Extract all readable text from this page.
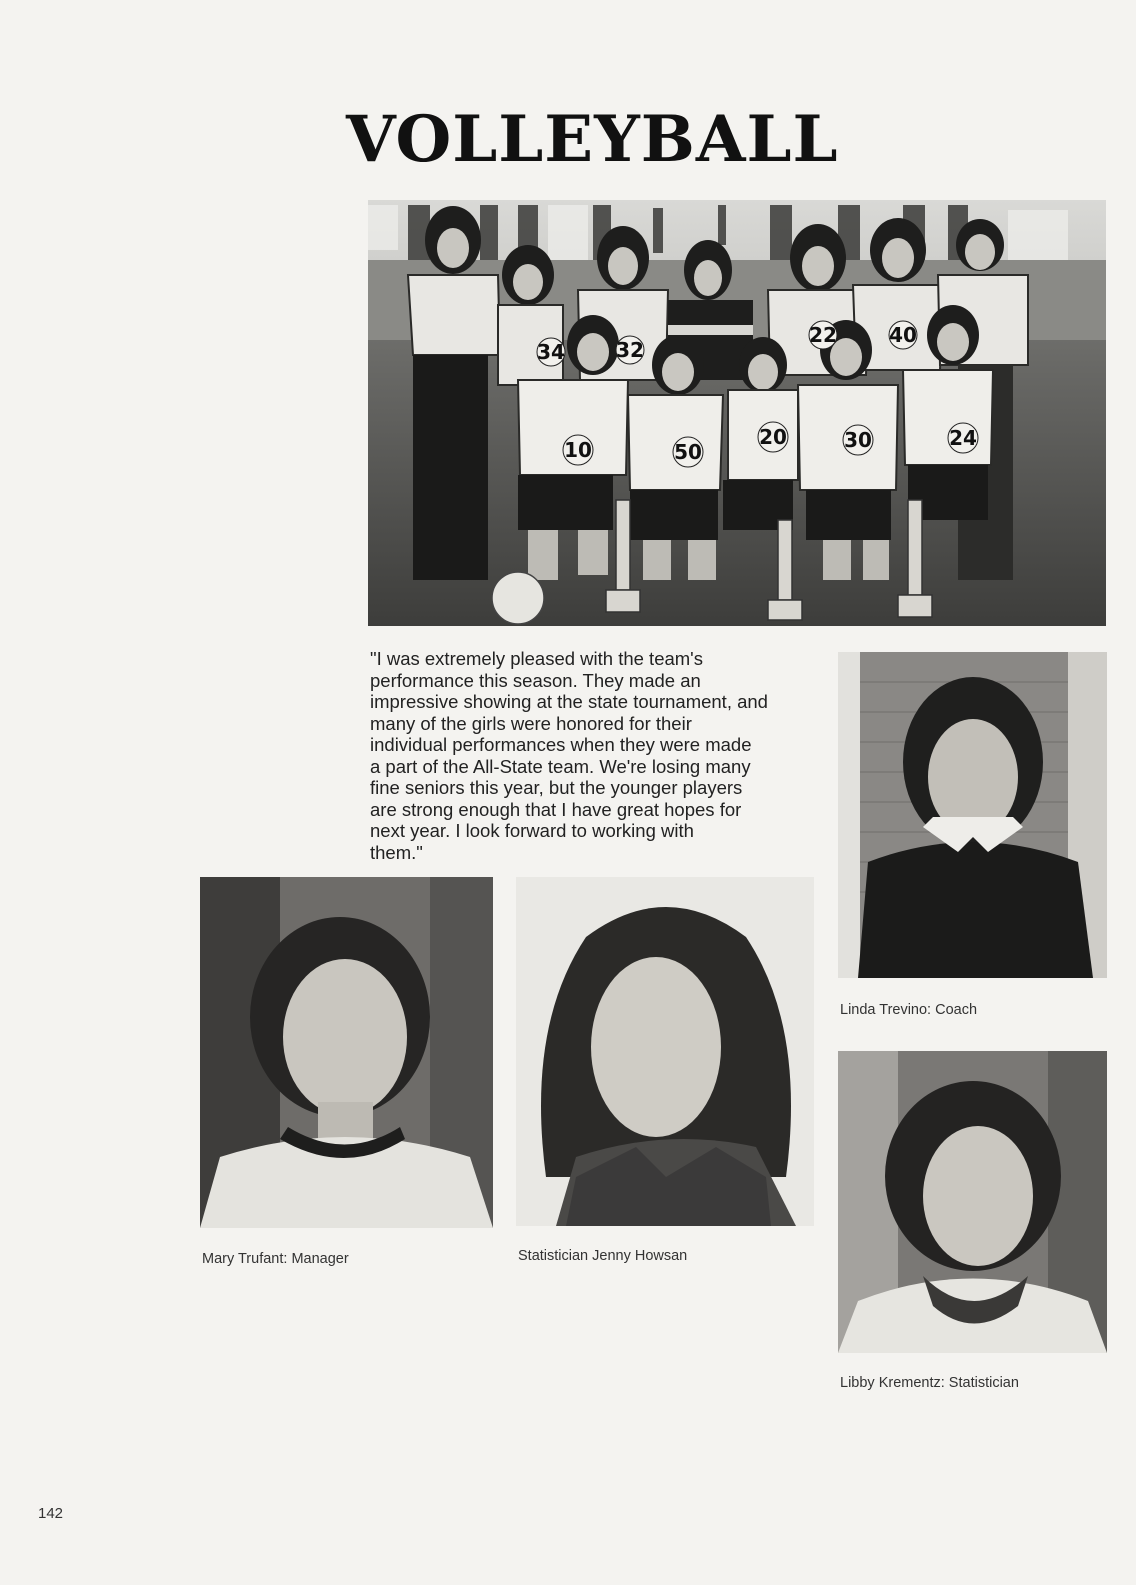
VOLLEYBALL
34	32
22	40
10	50
20	30	24

"I was extremely pleased with the team's
performance this season. They made an
impressive showing at the state tournament, and
many of the girls were honored for their
individual performances when they were made
a part of the All-State team. We're losing many
fine seniors this year, but the younger players
are strong enough that I have great hopes for
next year. I look forward to working with
them."

Linda Trevino: Coach
Mary Trufant: Manager	Statistician Jenny Howsan
Libby Krementz: Statistician
142
